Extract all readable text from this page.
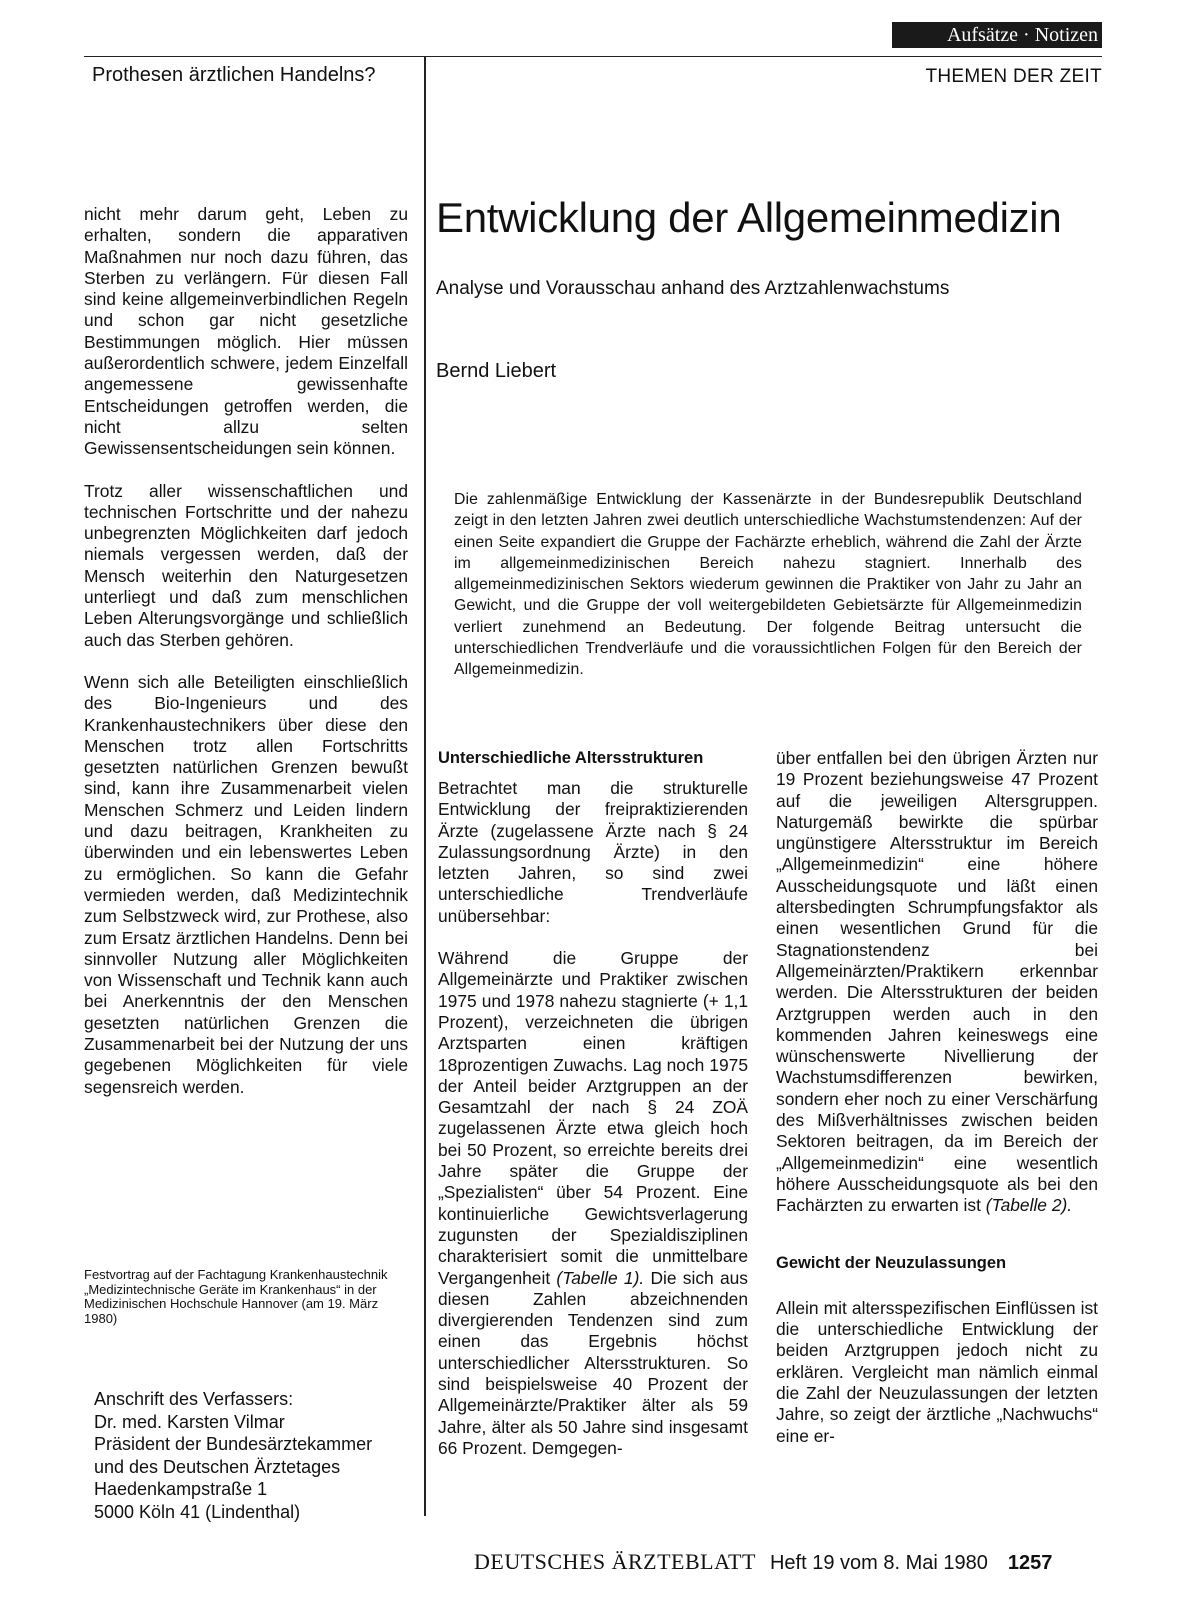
Aufsätze · Notizen
Prothesen ärztlichen Handelns?	THEMEN DER ZEIT
Entwicklung der Allgemeinmedizin
Analyse und Vorausschau anhand des Arztzahlenwachstums
Bernd Liebert

nicht mehr darum geht, Leben zu erhalten, sondern die apparativen Maßnahmen nur noch dazu führen, das Sterben zu verlängern. Für diesen Fall sind keine allgemeinverbindlichen Regeln und schon gar nicht gesetzliche Bestimmungen möglich. Hier müssen außerordentlich schwere, jedem Einzelfall angemessene gewissenhafte Entscheidungen getroffen werden, die nicht allzu selten Gewissensentscheidungen sein können.

Trotz aller wissenschaftlichen und technischen Fortschritte und der nahezu unbegrenzten Möglichkeiten darf jedoch niemals vergessen werden, daß der Mensch weiterhin den Naturgesetzen unterliegt und daß zum menschlichen Leben Alterungsvorgänge und schließlich auch das Sterben gehören.

Wenn sich alle Beteiligten einschließlich des Bio-Ingenieurs und des Krankenhaustechnikers über diese den Menschen trotz allen Fortschritts gesetzten natürlichen Grenzen bewußt sind, kann ihre Zusammenarbeit vielen Menschen Schmerz und Leiden lindern und dazu beitragen, Krankheiten zu überwinden und ein lebenswertes Leben zu ermöglichen. So kann die Gefahr vermieden werden, daß Medizintechnik zum Selbstzweck wird, zur Prothese, also zum Ersatz ärztlichen Handelns. Denn bei sinnvoller Nutzung aller Möglichkeiten von Wissenschaft und Technik kann auch bei Anerkenntnis der den Menschen gesetzten natürlichen Grenzen die Zusammenarbeit bei der Nutzung der uns gegebenen Möglichkeiten für viele segensreich werden.

Festvortrag auf der Fachtagung Krankenhaustechnik „Medizintechnische Geräte im Krankenhaus“ in der Medizinischen Hochschule Hannover (am 19. März 1980)
Anschrift des Verfassers:
Dr. med. Karsten Vilmar
Präsident der Bundesärztekammer
und des Deutschen Ärztetages
Haedenkampstraße 1
5000 Köln 41 (Lindenthal)
Die zahlenmäßige Entwicklung der Kassenärzte in der Bundesrepublik Deutschland zeigt in den letzten Jahren zwei deutlich unterschiedliche Wachstumstendenzen: Auf der einen Seite expandiert die Gruppe der Fachärzte erheblich, während die Zahl der Ärzte im allgemeinmedizinischen Bereich nahezu stagniert. Innerhalb des allgemeinmedizinischen Sektors wiederum gewinnen die Praktiker von Jahr zu Jahr an Gewicht, und die Gruppe der voll weitergebildeten Gebietsärzte für Allgemeinmedizin verliert zunehmend an Bedeutung. Der folgende Beitrag untersucht die unterschiedlichen Trendverläufe und die voraussichtlichen Folgen für den Bereich der Allgemeinmedizin.
Unterschiedliche Altersstrukturen

Betrachtet man die strukturelle Entwicklung der freipraktizierenden Ärzte (zugelassene Ärzte nach § 24 Zulassungsordnung Ärzte) in den letzten Jahren, so sind zwei unterschiedliche Trendverläufe unübersehbar:

Während die Gruppe der Allgemeinärzte und Praktiker zwischen 1975 und 1978 nahezu stagnierte (+ 1,1 Prozent), verzeichneten die übrigen Arztsparten einen kräftigen 18prozentigen Zuwachs. Lag noch 1975 der Anteil beider Arztgruppen an der Gesamtzahl der nach § 24 ZOÄ zugelassenen Ärzte etwa gleich hoch bei 50 Prozent, so erreichte bereits drei Jahre später die Gruppe der „Spezialisten“ über 54 Prozent. Eine kontinuierliche Gewichtsverlagerung zugunsten der Spezialdisziplinen charakterisiert somit die unmittelbare Vergangenheit (Tabelle 1). Die sich aus diesen Zahlen abzeichnenden divergierenden Tendenzen sind zum einen das Ergebnis höchst unterschiedlicher Altersstrukturen. So sind beispielsweise 40 Prozent der Allgemeinärzte/Praktiker älter als 59 Jahre, älter als 50 Jahre sind insgesamt 66 Prozent. Demgegen-

über entfallen bei den übrigen Ärzten nur 19 Prozent beziehungsweise 47 Prozent auf die jeweiligen Altersgruppen. Naturgemäß bewirkte die spürbar ungünstigere Altersstruktur im Bereich „Allgemeinmedizin“ eine höhere Ausscheidungsquote und läßt einen altersbedingten Schrumpfungsfaktor als einen wesentlichen Grund für die Stagnationstendenz bei Allgemeinärzten/Praktikern erkennbar werden. Die Altersstrukturen der beiden Arztgruppen werden auch in den kommenden Jahren keineswegs eine wünschenswerte Nivellierung der Wachstumsdifferenzen bewirken, sondern eher noch zu einer Verschärfung des Mißverhältnisses zwischen beiden Sektoren beitragen, da im Bereich der „Allgemeinmedizin“ eine wesentlich höhere Ausscheidungsquote als bei den Fachärzten zu erwarten ist (Tabelle 2).

Gewicht der Neuzulassungen

Allein mit altersspezifischen Einflüssen ist die unterschiedliche Entwicklung der beiden Arztgruppen jedoch nicht zu erklären. Vergleicht man nämlich einmal die Zahl der Neuzulassungen der letzten Jahre, so zeigt der ärztliche „Nachwuchs“ eine er-

DEUTSCHES ÄRZTEBLATT Heft 19 vom 8. Mai 1980 1257
